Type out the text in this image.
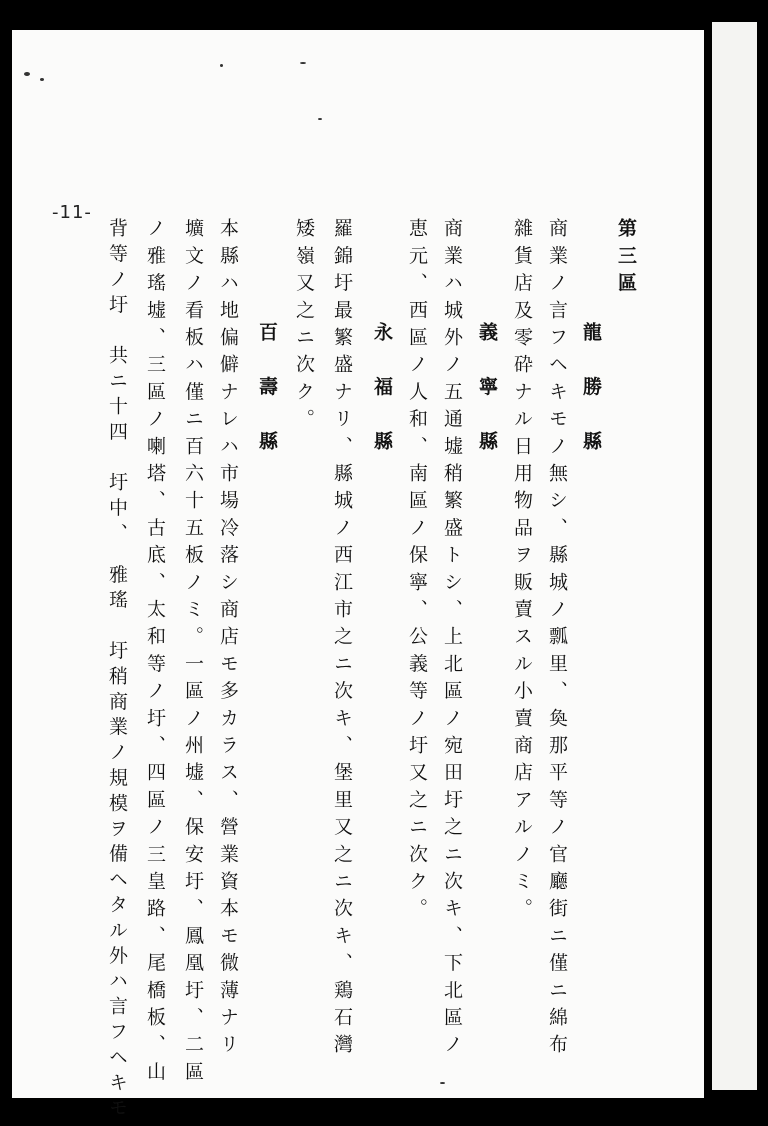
-11-
第三區
龍　勝　縣
商業ノ言フヘキモノ無シ、縣城ノ瓢里、奐那平等ノ官廳街ニ僅ニ綿布
雜貨店及零砕ナル日用物品ヲ販賣スル小賣商店アルノミ。
義　寧　縣
商業ハ城外ノ五通墟稍繁盛トシ、上北區ノ宛田圩之ニ次キ、下北區ノ
恵元、西區ノ人和、南區ノ保寧、公義等ノ圩又之ニ次ク。
永　福　縣
羅錦圩最繁盛ナリ、縣城ノ西江市之ニ次キ、堡里又之ニ次キ、鶏石灣
矮嶺又之ニ次ク。
百　壽　縣
本縣ハ地偏僻ナレハ市場冷落シ商店モ多カラス、營業資本モ微薄ナリ
壙文ノ看板ハ僅ニ百六十五板ノミ。一區ノ州墟、保安圩、鳳凰圩、二區
ノ雅瑤墟、三區ノ喇塔、古底、太和等ノ圩、四區ノ三皇路、尾橋板、山
背等ノ圩　共ニ十四　圩中、　雅瑤　圩稍商業ノ規模ヲ備ヘタル外ハ言フヘキモ
